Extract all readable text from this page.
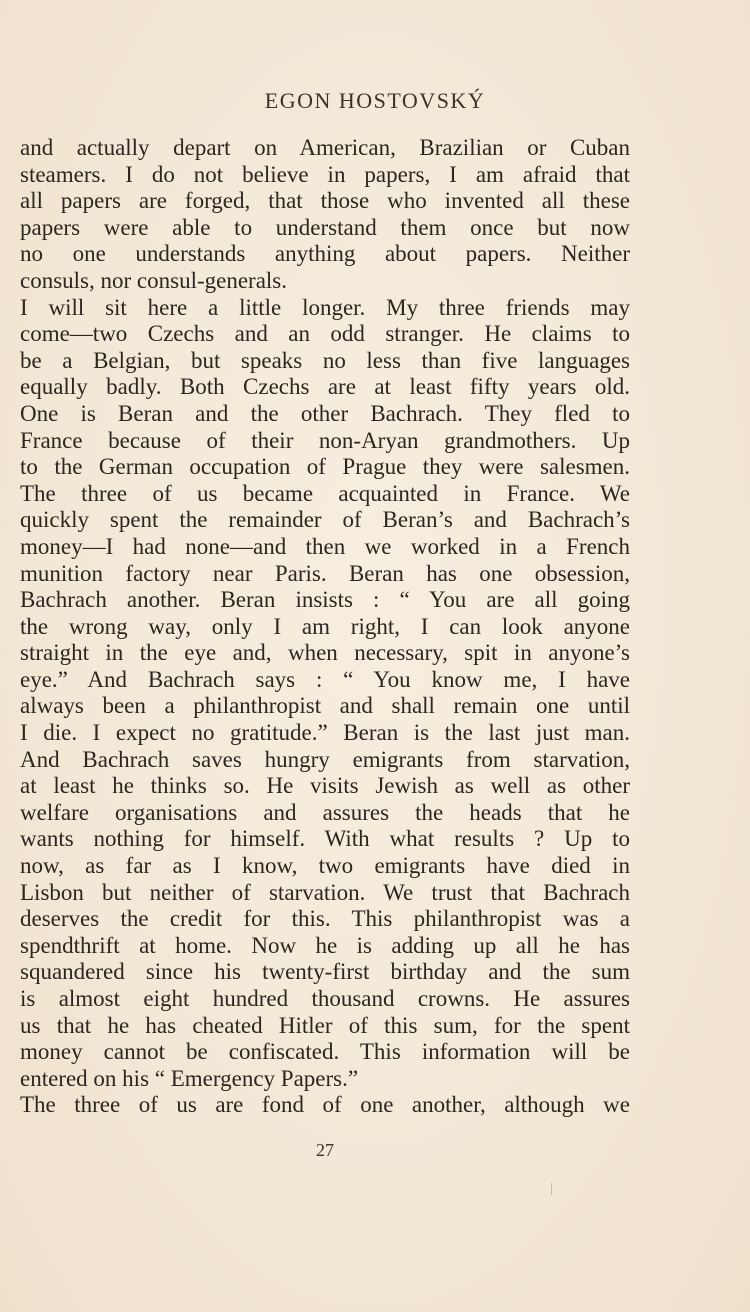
EGON HOSTOVSKÝ
and actually depart on American, Brazilian or Cuban
steamers. I do not believe in papers, I am afraid that
all papers are forged, that those who invented all these
papers were able to understand them once but now
no one understands anything about papers. Neither
consuls, nor consul-generals.
I will sit here a little longer. My three friends may
come—two Czechs and an odd stranger. He claims to
be a Belgian, but speaks no less than five languages
equally badly. Both Czechs are at least fifty years old.
One is Beran and the other Bachrach. They fled to
France because of their non-Aryan grandmothers. Up
to the German occupation of Prague they were salesmen.
The three of us became acquainted in France. We
quickly spent the remainder of Beran’s and Bachrach’s
money—I had none—and then we worked in a French
munition factory near Paris. Beran has one obsession,
Bachrach another. Beran insists : “ You are all going
the wrong way, only I am right, I can look anyone
straight in the eye and, when necessary, spit in anyone’s
eye.” And Bachrach says : “ You know me, I have
always been a philanthropist and shall remain one until
I die. I expect no gratitude.” Beran is the last just man.
And Bachrach saves hungry emigrants from starvation,
at least he thinks so. He visits Jewish as well as other
welfare organisations and assures the heads that he
wants nothing for himself. With what results ? Up to
now, as far as I know, two emigrants have died in
Lisbon but neither of starvation. We trust that Bachrach
deserves the credit for this. This philanthropist was a
spendthrift at home. Now he is adding up all he has
squandered since his twenty-first birthday and the sum
is almost eight hundred thousand crowns. He assures
us that he has cheated Hitler of this sum, for the spent
money cannot be confiscated. This information will be
entered on his “ Emergency Papers.”
The three of us are fond of one another, although we
27
